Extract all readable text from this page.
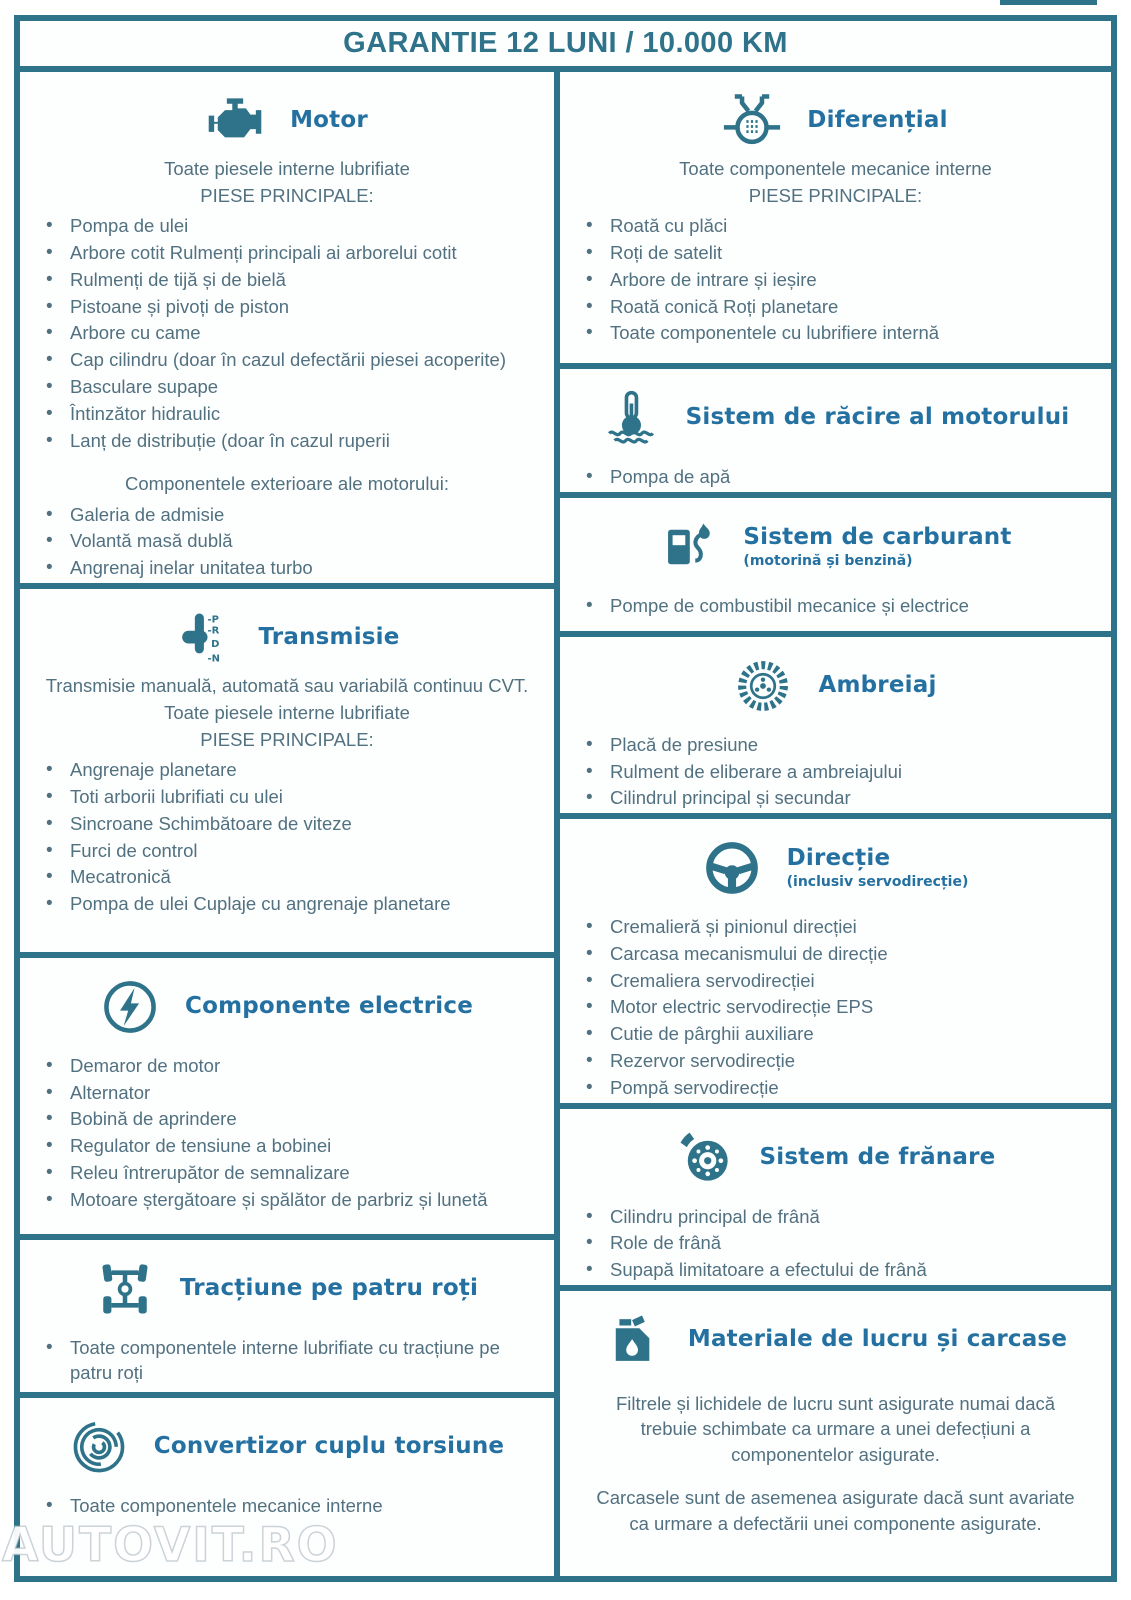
GARANTIE 12 LUNI / 10.000 KM
Motor

Toate piesele interne lubrifiate

PIESE PRINCIPALE:

• Pompa de ulei
• Arbore cotit Rulmenți principali ai arborelui cotit
• Rulmenți de tijă și de bielă
• Pistoane și pivoți de piston
• Arbore cu came
• Cap cilindru (doar în cazul defectării piesei acoperite)
• Basculare supape
• Întinzător hidraulic
• Lanț de distribuție (doar în cazul ruperii

Componentele exterioare ale motorului:

• Galeria de admisie
• Volantă masă dublă
• Angrenaj inelar unitatea turbo
-P
-R
D
-N
Transmisie

Transmisie manuală, automată sau variabilă continuu CVT.

Toate piesele interne lubrifiate

PIESE PRINCIPALE:

• Angrenaje planetare
• Toti arborii lubrifiati cu ulei
• Sincroane Schimbătoare de viteze
• Furci de control
• Mecatronică
• Pompa de ulei Cuplaje cu angrenaje planetare
Componente electrice
• Demaror de motor
• Alternator
• Bobină de aprindere
• Regulator de tensiune a bobinei
• Releu întrerupător de semnalizare
• Motoare ștergătoare și spălător de parbriz și lunetă
Tracțiune pe patru roți
• Toate componentele interne lubrifiate cu tracțiune pe patru roți
Convertizor cuplu torsiune
• Toate componentele mecanice interne
Diferențial

Toate componentele mecanice interne

PIESE PRINCIPALE:

• Roată cu plăci
• Roți de satelit
• Arbore de intrare și ieșire
• Roată conică Roți planetare
• Toate componentele cu lubrifiere internă
Sistem de răcire al motorului
• Pompa de apă
Sistem de carburant
(motorină și benzină)
• Pompe de combustibil mecanice și electrice
Ambreiaj
• Placă de presiune
• Rulment de eliberare a ambreiajului
• Cilindrul principal și secundar
Direcție
(inclusiv servodirecție)
• Cremalieră și pinionul direcției
• Carcasa mecanismului de direcție
• Cremaliera servodirecției
• Motor electric servodirecție EPS
• Cutie de pârghii auxiliare
• Rezervor servodirecție
• Pompă servodirecție
Sistem de frănare
• Cilindru principal de frână
• Role de frână
• Supapă limitatoare a efectului de frână
Materiale de lucru și carcase

Filtrele și lichidele de lucru sunt asigurate numai dacă trebuie schimbate ca urmare a unei defecțiuni a componentelor asigurate.

Carcasele sunt de asemenea asigurate dacă sunt avariate ca urmare a defectării unei componente asigurate.

AUTOVIT.RO
